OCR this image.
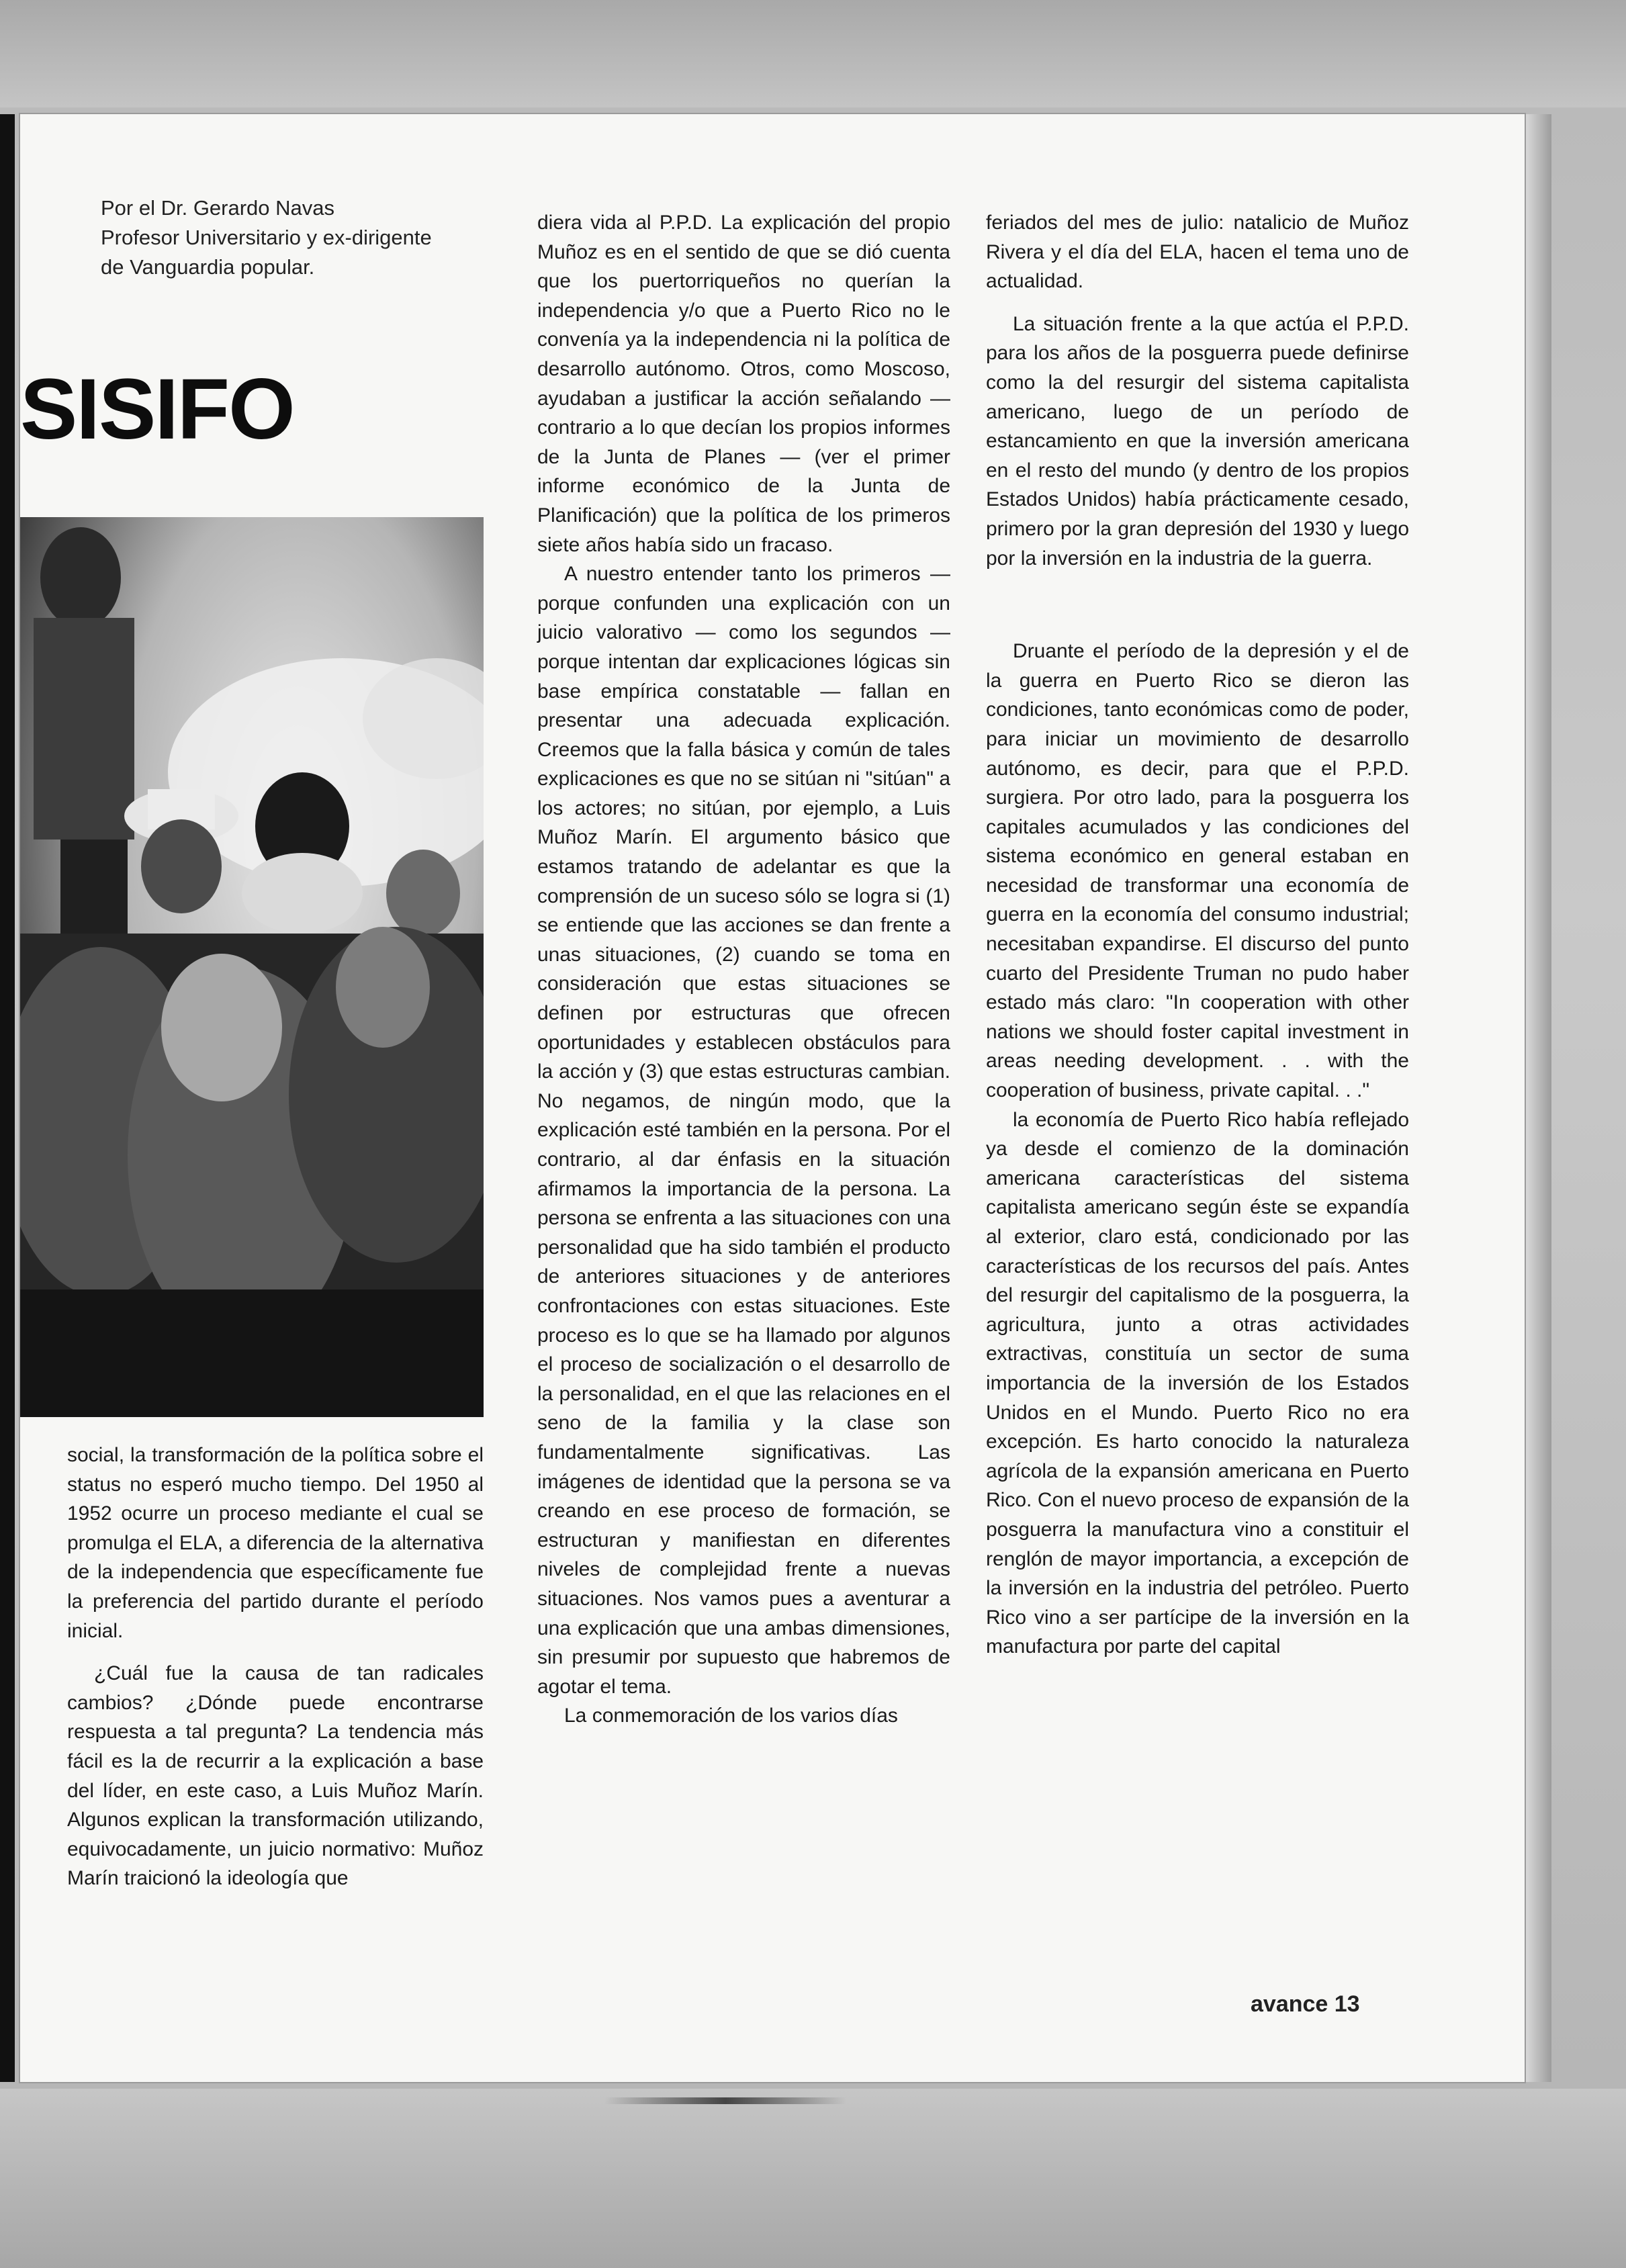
Por el Dr. Gerardo Navas
Profesor Universitario y ex-dirigente
de Vanguardia popular.
SISIFO

social, la transformación de la política sobre el status no esperó mucho tiempo. Del 1950 al 1952 ocurre un proceso mediante el cual se promulga el ELA, a diferencia de la alternativa de la independencia que específicamente fue la preferencia del partido durante el período inicial.

¿Cuál fue la causa de tan radicales cambios? ¿Dónde puede encontrarse respuesta a tal pregunta? La tendencia más fácil es la de recurrir a la explicación a base del líder, en este caso, a Luis Muñoz Marín. Algunos explican la transformación utilizando, equivocadamente, un juicio normativo: Muñoz Marín traicionó la ideología que

diera vida al P.P.D. La explicación del propio Muñoz es en el sentido de que se dió cuenta que los puertorriqueños no querían la independencia y/o que a Puerto Rico no le convenía ya la independencia ni la política de desarrollo autónomo. Otros, como Moscoso, ayudaban a justificar la acción señalando — contrario a lo que decían los propios informes de la Junta de Planes — (ver el primer informe económico de la Junta de Planificación) que la política de los primeros siete años había sido un fracaso.

A nuestro entender tanto los primeros — porque confunden una explicación con un juicio valorativo — como los segundos — porque intentan dar explicaciones lógicas sin base empírica constatable — fallan en presentar una adecuada explicación. Creemos que la falla básica y común de tales explicaciones es que no se sitúan ni "sitúan" a los actores; no sitúan, por ejemplo, a Luis Muñoz Marín. El argumento básico que estamos tratando de adelantar es que la comprensión de un suceso sólo se logra si (1) se entiende que las acciones se dan frente a unas situaciones, (2) cuando se toma en consideración que estas situaciones se definen por estructuras que ofrecen oportunidades y establecen obstáculos para la acción y (3) que estas estructuras cambian. No negamos, de ningún modo, que la explicación esté también en la persona. Por el contrario, al dar énfasis en la situación afirmamos la importancia de la persona. La persona se enfrenta a las situaciones con una personalidad que ha sido también el producto de anteriores situaciones y de anteriores confrontaciones con estas situaciones. Este proceso es lo que se ha llamado por algunos el proceso de socialización o el desarrollo de la personalidad, en el que las relaciones en el seno de la familia y la clase son fundamentalmente significativas. Las imágenes de identidad que la persona se va creando en ese proceso de formación, se estructuran y manifiestan en diferentes niveles de complejidad frente a nuevas situaciones. Nos vamos pues a aventurar a una explicación que una ambas dimensiones, sin presumir por supuesto que habremos de agotar el tema.

La conmemoración de los varios días

feriados del mes de julio: natalicio de Muñoz Rivera y el día del ELA, hacen el tema uno de actualidad.

La situación frente a la que actúa el P.P.D. para los años de la posguerra puede definirse como la del resurgir del sistema capitalista americano, luego de un período de estancamiento en que la inversión americana en el resto del mundo (y dentro de los propios Estados Unidos) había prácticamente cesado, primero por la gran depresión del 1930 y luego por la inversión en la industria de la guerra.

Druante el período de la depresión y el de la guerra en Puerto Rico se dieron las condiciones, tanto económicas como de poder, para iniciar un movimiento de desarrollo autónomo, es decir, para que el P.P.D. surgiera. Por otro lado, para la posguerra los capitales acumulados y las condiciones del sistema económico en general estaban en necesidad de transformar una economía de guerra en la economía del consumo industrial; necesitaban expandirse. El discurso del punto cuarto del Presidente Truman no pudo haber estado más claro: "In cooperation with other nations we should foster capital investment in areas needing development. . . with the cooperation of business, private capital. . ."

la economía de Puerto Rico había reflejado ya desde el comienzo de la dominación americana características del sistema capitalista americano según éste se expandía al exterior, claro está, condicionado por las características de los recursos del país. Antes del resurgir del capitalismo de la posguerra, la agricultura, junto a otras actividades extractivas, constituía un sector de suma importancia de la inversión de los Estados Unidos en el Mundo. Puerto Rico no era excepción. Es harto conocido la naturaleza agrícola de la expansión americana en Puerto Rico. Con el nuevo proceso de expansión de la posguerra la manufactura vino a constituir el renglón de mayor importancia, a excepción de la inversión en la industria del petróleo. Puerto Rico vino a ser partícipe de la inversión en la manufactura por parte del capital

avance 13
